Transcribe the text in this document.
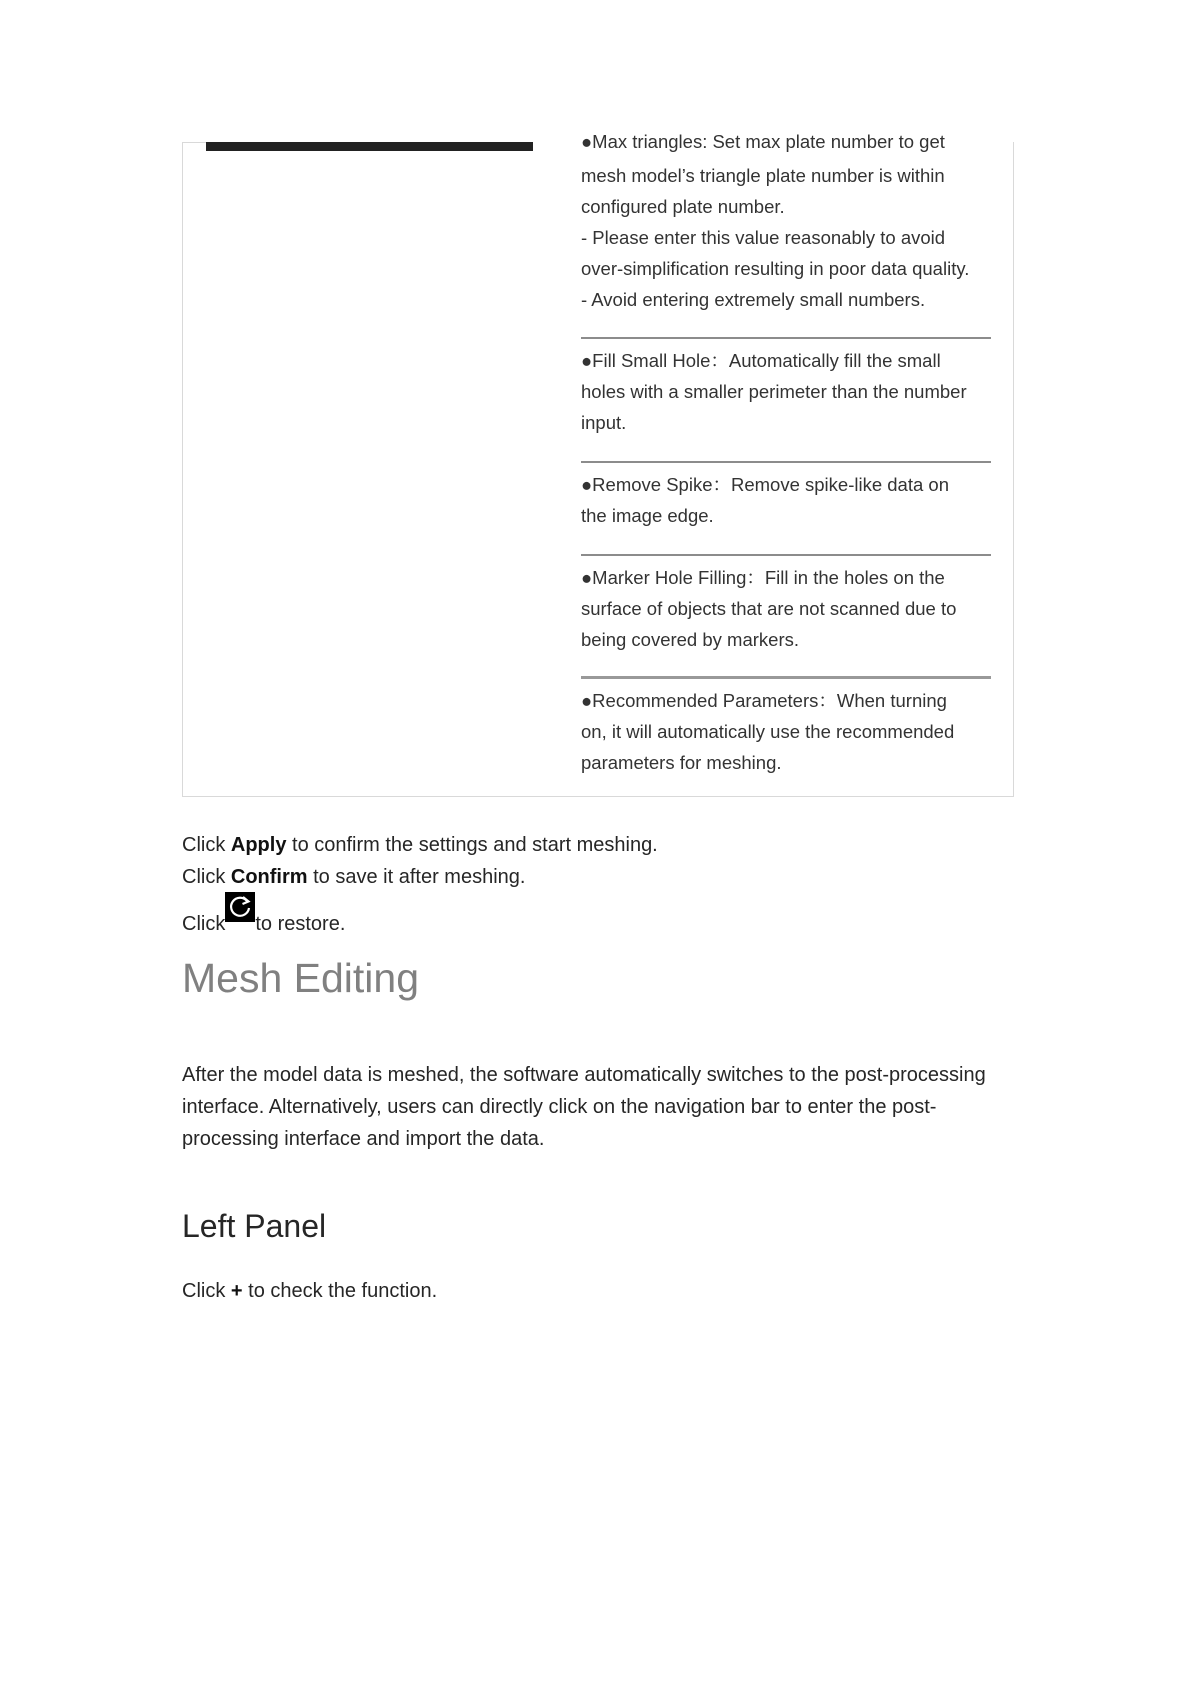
●Max triangles: Set max plate number to get
mesh model’s triangle plate number is within
configured plate number.
- Please enter this value reasonably to avoid
over-simplification resulting in poor data quality.
- Avoid entering extremely small numbers.
●Fill Small Hole：Automatically fill the small
holes with a smaller perimeter than the number
input.
●Remove Spike：Remove spike-like data on
the image edge.
●Marker Hole Filling：Fill in the holes on the
surface of objects that are not scanned due to
being covered by markers.
●Recommended Parameters：When turning
on, it will automatically use the recommended
parameters for meshing.
Click Apply to confirm the settings and start meshing.
Click Confirm to save it after meshing.
Click to restore.
Mesh Editing
After the model data is meshed, the software automatically switches to the post-processing interface. Alternatively, users can directly click on the navigation bar to enter the post-processing interface and import the data.
Left Panel
Click + to check the function.
